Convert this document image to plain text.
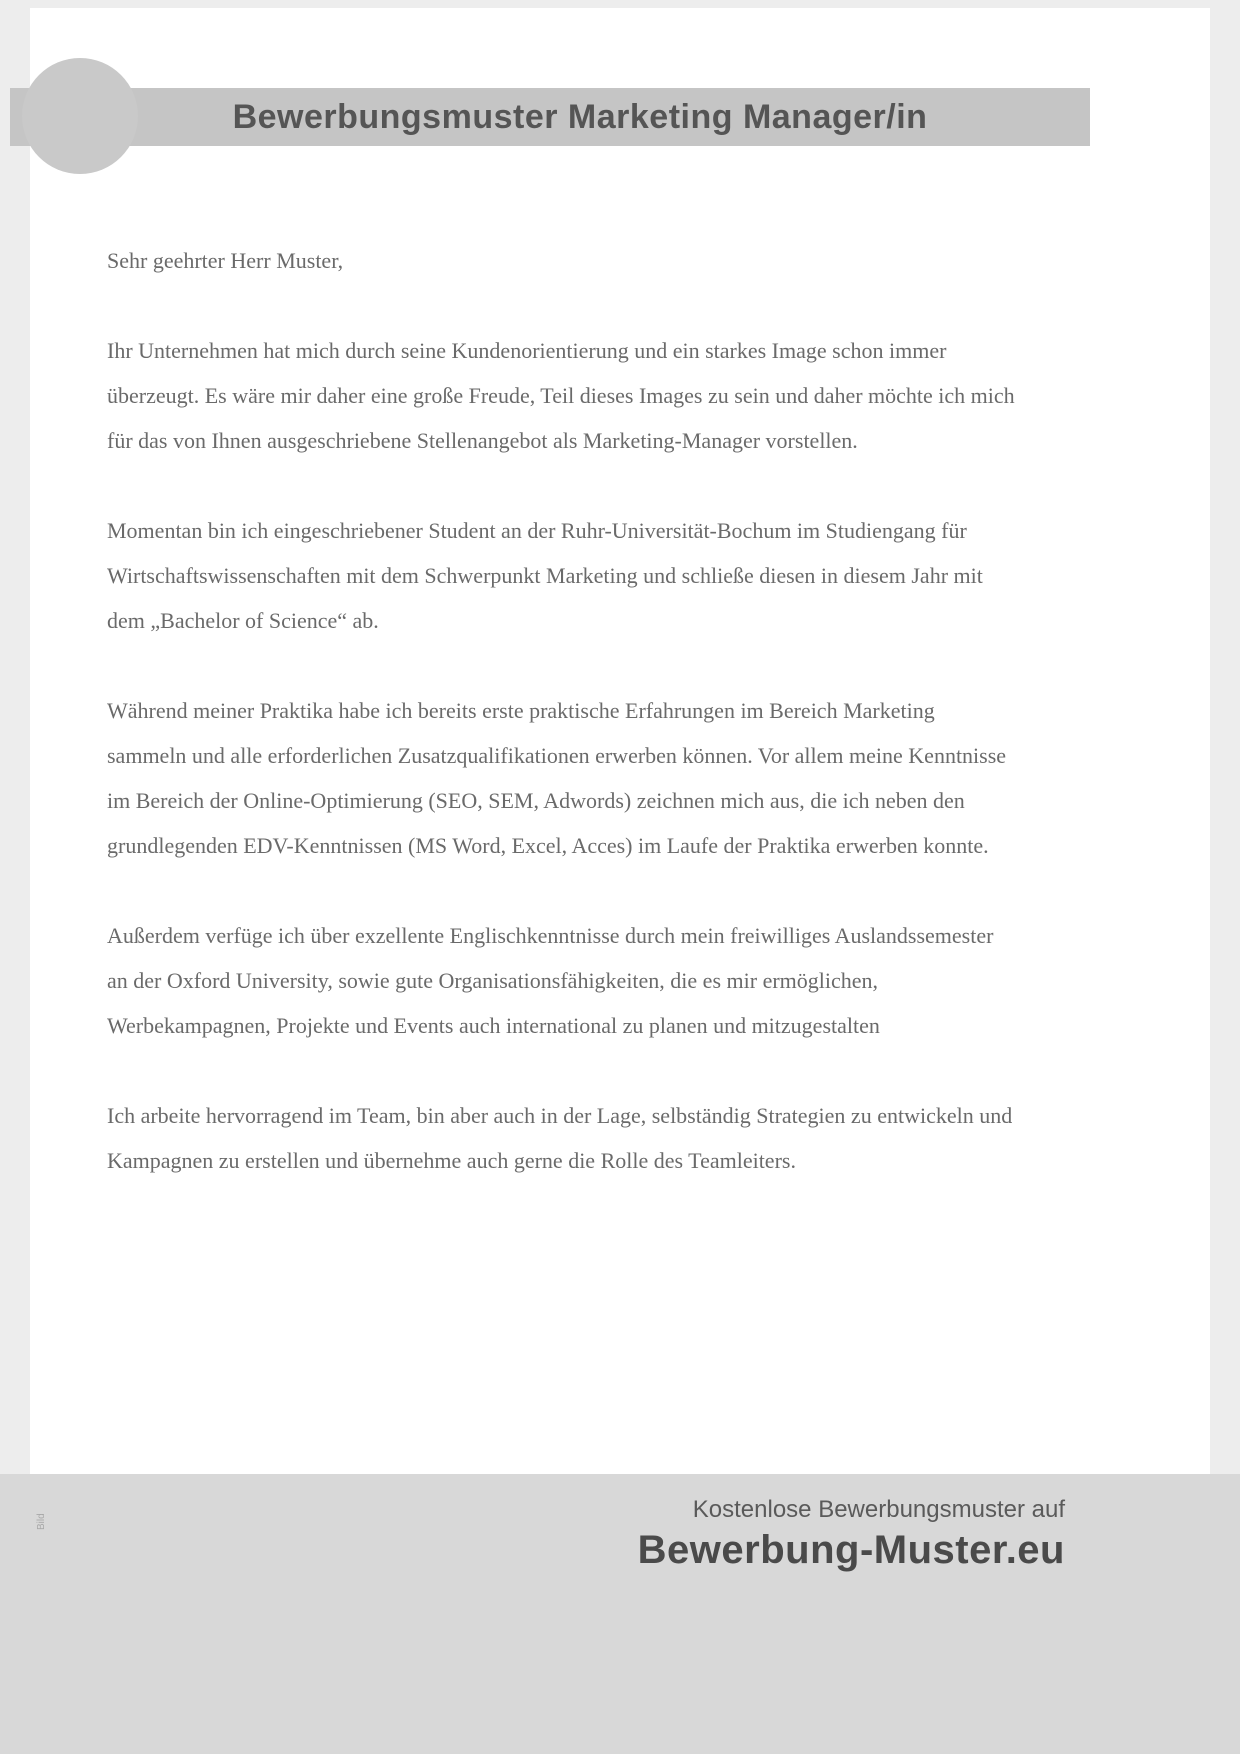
Bewerbungsmuster Marketing Manager/in

Sehr geehrter Herr Muster,

Ihr Unternehmen hat mich durch seine Kundenorientierung und ein starkes Image schon immer überzeugt. Es wäre mir daher eine große Freude, Teil dieses Images zu sein und daher möchte ich mich für das von Ihnen ausgeschriebene Stellenangebot als Marketing-Manager vorstellen.

Momentan bin ich eingeschriebener Student an der Ruhr-Universität-Bochum im Studiengang für Wirtschaftswissenschaften mit dem Schwerpunkt Marketing und schließe diesen in diesem Jahr mit dem „Bachelor of Science“ ab.

Während meiner Praktika habe ich bereits erste praktische Erfahrungen im Bereich Marketing sammeln und alle erforderlichen Zusatzqualifikationen erwerben können. Vor allem meine Kenntnisse im Bereich der Online-Optimierung (SEO, SEM, Adwords) zeichnen mich aus, die ich neben den grundlegenden EDV-Kenntnissen (MS Word, Excel, Acces) im Laufe der Praktika erwerben konnte.

Außerdem verfüge ich über exzellente Englischkenntnisse durch mein freiwilliges Auslandssemester an der Oxford University, sowie gute Organisationsfähigkeiten, die es mir ermöglichen, Werbekampagnen, Projekte und Events auch international zu planen und mitzugestalten

Ich arbeite hervorragend im Team, bin aber auch in der Lage, selbständig Strategien zu entwickeln und Kampagnen zu erstellen und übernehme auch gerne die Rolle des Teamleiters.

Kostenlose Bewerbungsmuster auf

Bewerbung-Muster.eu

Bild
